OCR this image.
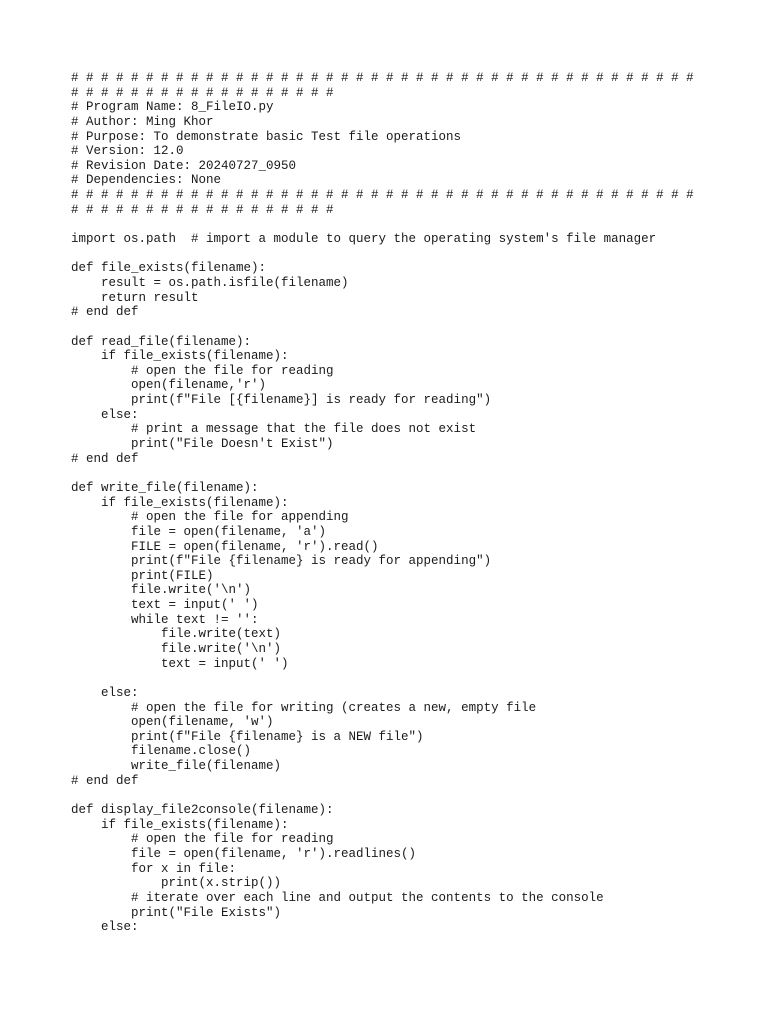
# # # # # # # # # # # # # # # # # # # # # # # # # # # # # # # # # # # # # # # # # #
# # # # # # # # # # # # # # # # # #
# Program Name: 8_FileIO.py
# Author: Ming Khor
# Purpose: To demonstrate basic Test file operations
# Version: 12.0
# Revision Date: 20240727_0950
# Dependencies: None
# # # # # # # # # # # # # # # # # # # # # # # # # # # # # # # # # # # # # # # # # #
# # # # # # # # # # # # # # # # # #
import os.path  # import a module to query the operating system's file manager
def file_exists(filename):
result = os.path.isfile(filename)
return result
# end def
def read_file(filename):
if file_exists(filename):
# open the file for reading
open(filename,'r')
print(f"File [{filename}] is ready for reading")
else:
# print a message that the file does not exist
print("File Doesn't Exist")
# end def
def write_file(filename):
if file_exists(filename):
# open the file for appending
file = open(filename, 'a')
FILE = open(filename, 'r').read()
print(f"File {filename} is ready for appending")
print(FILE)
file.write('\n')
text = input(' ')
while text != '':
file.write(text)
file.write('\n')
text = input(' ')
else:
# open the file for writing (creates a new, empty file
open(filename, 'w')
print(f"File {filename} is a NEW file")
filename.close()
write_file(filename)
# end def
def display_file2console(filename):
if file_exists(filename):
# open the file for reading
file = open(filename, 'r').readlines()
for x in file:
print(x.strip())
# iterate over each line and output the contents to the console
print("File Exists")
else:
